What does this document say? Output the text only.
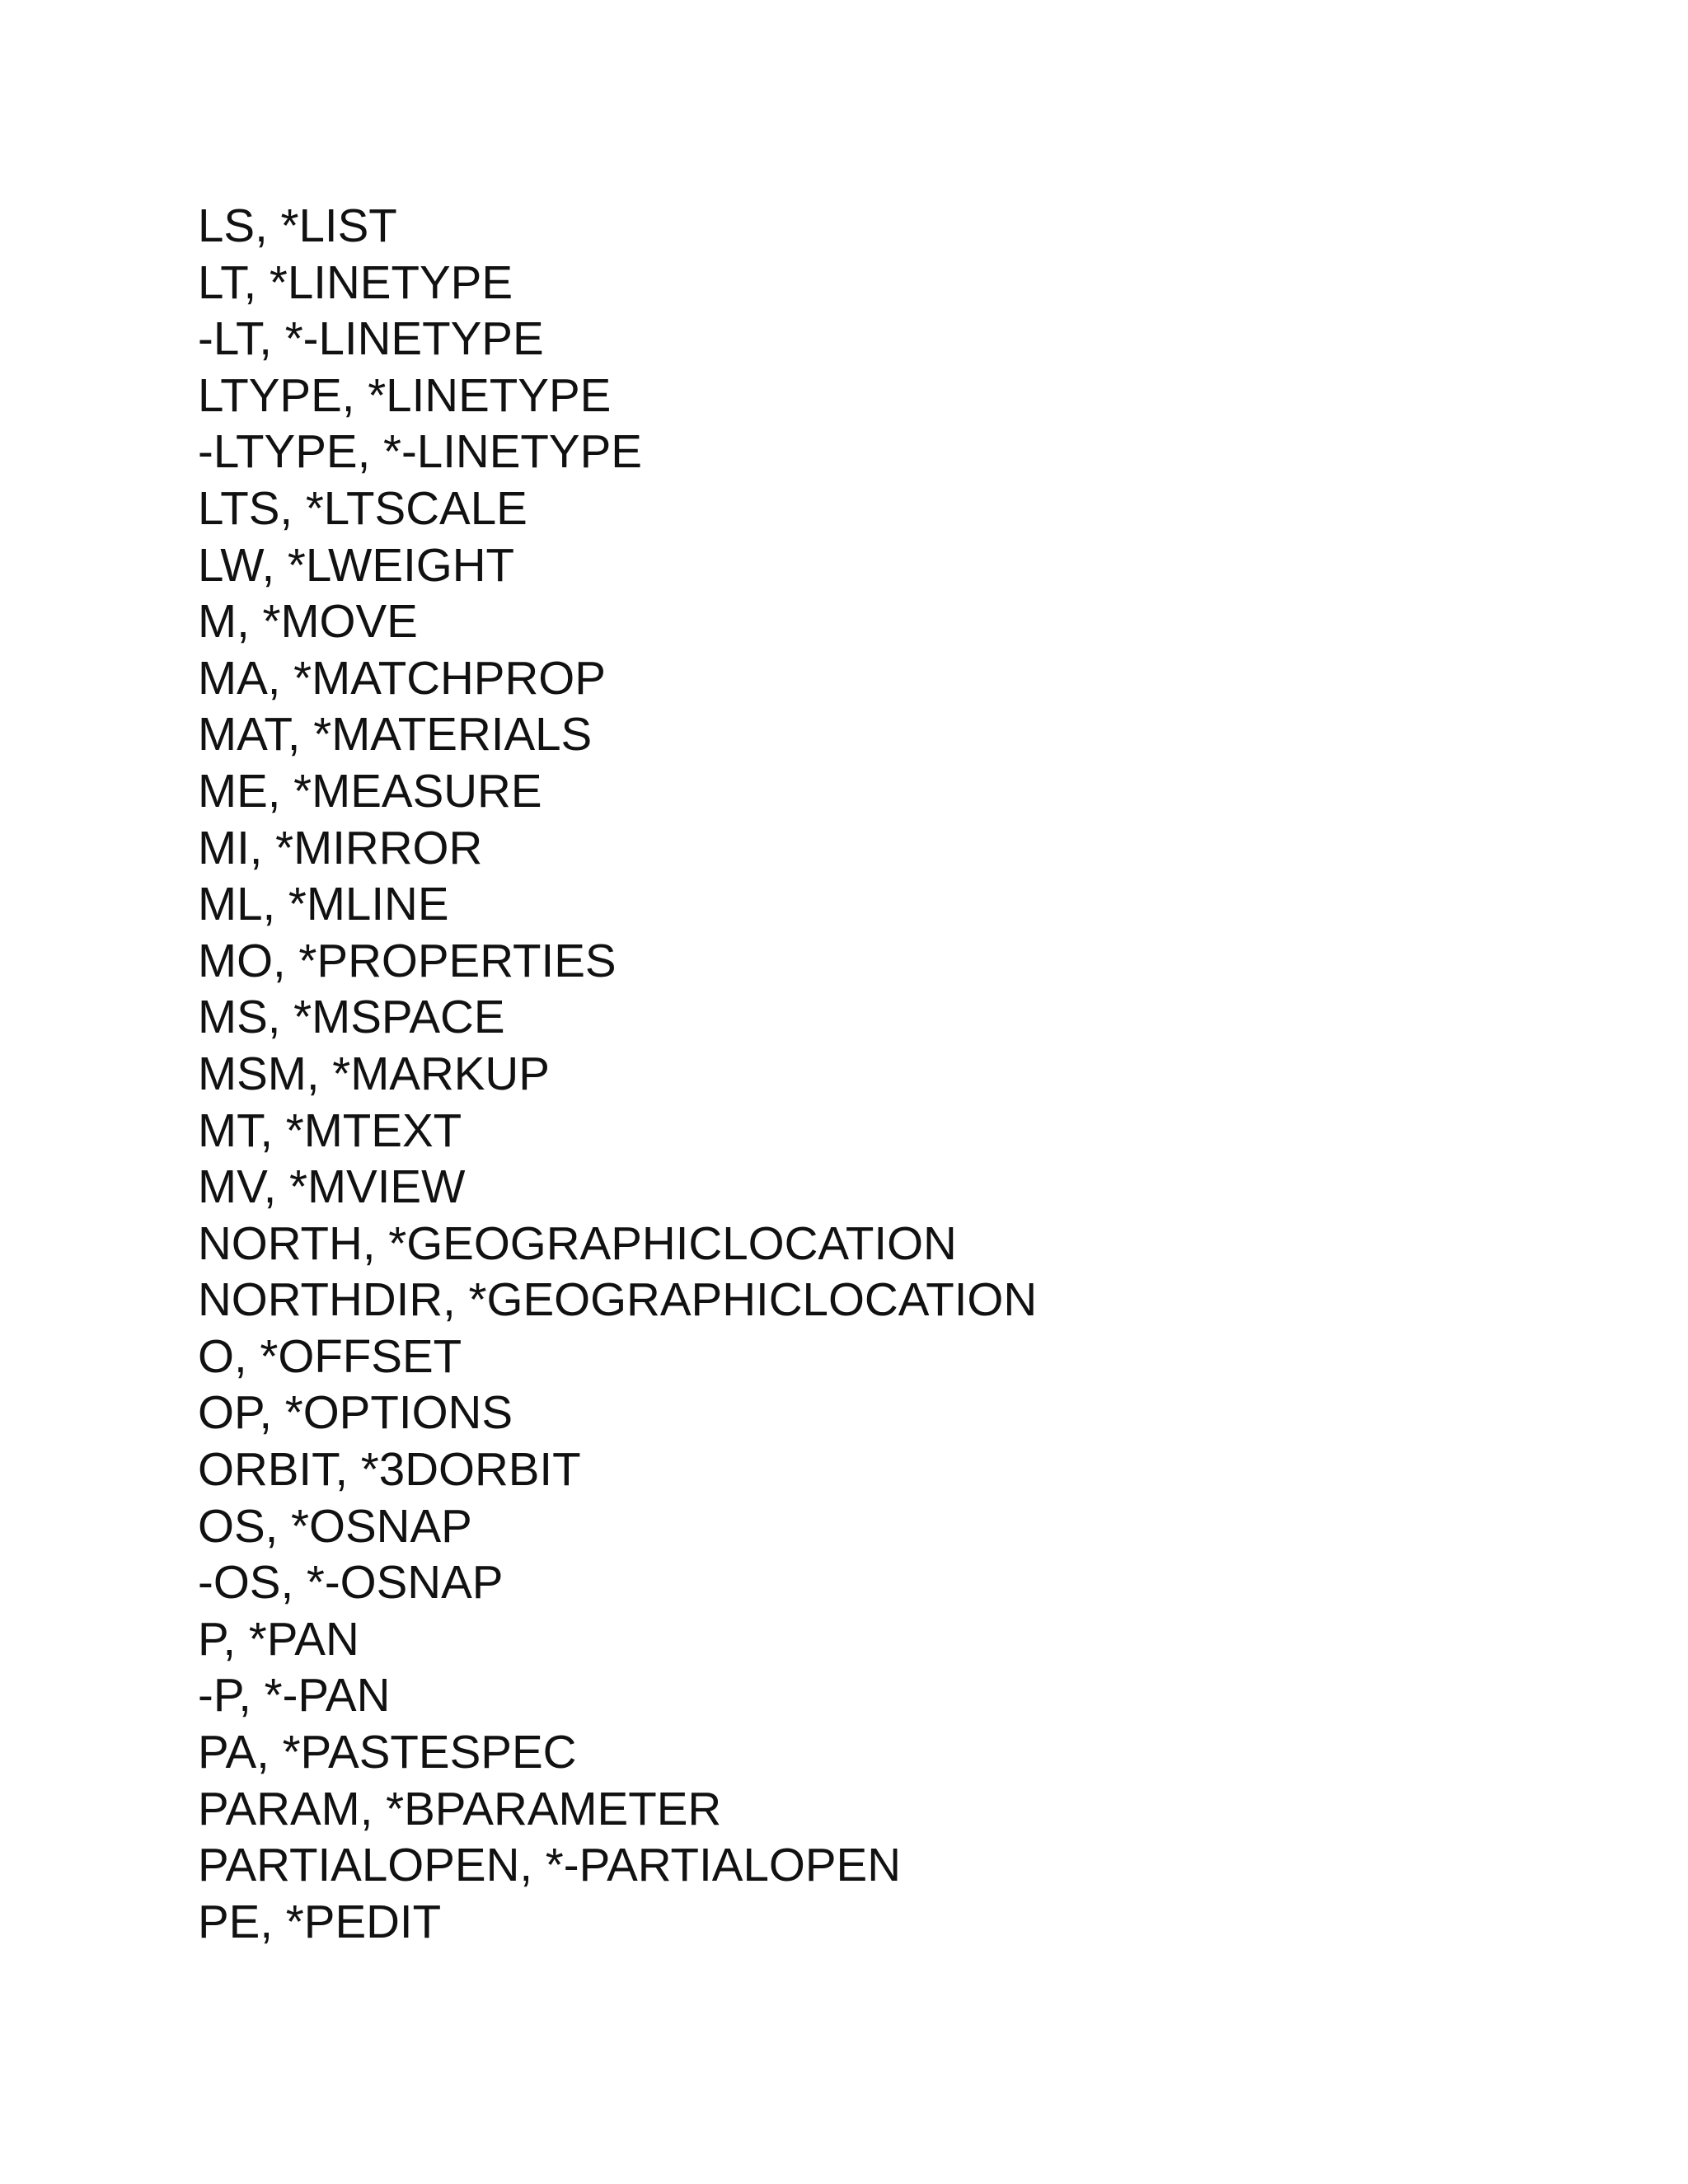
LS, *LIST
LT, *LINETYPE
-LT, *-LINETYPE
LTYPE, *LINETYPE
-LTYPE, *-LINETYPE
LTS, *LTSCALE
LW, *LWEIGHT
M, *MOVE
MA, *MATCHPROP
MAT, *MATERIALS
ME, *MEASURE
MI, *MIRROR
ML, *MLINE
MO, *PROPERTIES
MS, *MSPACE
MSM, *MARKUP
MT, *MTEXT
MV, *MVIEW
NORTH, *GEOGRAPHICLOCATION
NORTHDIR, *GEOGRAPHICLOCATION
O, *OFFSET
OP, *OPTIONS
ORBIT, *3DORBIT
OS, *OSNAP
-OS, *-OSNAP
P, *PAN
-P, *-PAN
PA, *PASTESPEC
PARAM, *BPARAMETER
PARTIALOPEN, *-PARTIALOPEN
PE, *PEDIT
